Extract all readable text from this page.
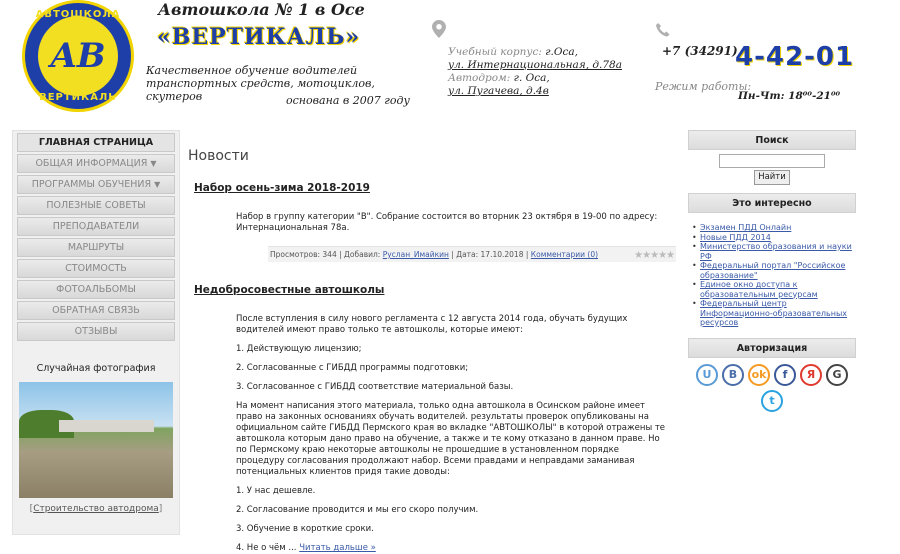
АВТОШКОЛА
AB
ВЕРТИКАЛЬ
Автошкола № 1 в Осе
«ВЕРТИКАЛЬ»
Качественное обучение водителей транспортных средств, мотоциклов, скутеров	основана в 2007 году
Учебный корпус: г.Оса,
ул. Интернациональная, д.78а
Автодром: г. Оса,
ул. Пугачева, д.4в
+7 (34291)
4-42-01
Режим работы:
Пн-Чт: 18⁰⁰-21⁰⁰
ГЛАВНАЯ СТРАНИЦА
ОБЩАЯ ИНФОРМАЦИЯ ▼
ПРОГРАММЫ ОБУЧЕНИЯ ▼
ПОЛЕЗНЫЕ СОВЕТЫ
ПРЕПОДАВАТЕЛИ
МАРШРУТЫ
СТОИМОСТЬ
ФОТОАЛЬБОМЫ
ОБРАТНАЯ СВЯЗЬ
ОТЗЫВЫ
Случайная фотография
[Строительство автодрома]
Новости
Набор осень-зима 2018-2019

Набор в группу категории "В". Собрание состоится во вторник 23 октября в 19-00 по адресу: Интернациональная 78а.

Просмотров: 344 | Добавил: Руслан_Имайкин | Дата: 17.10.2018 | Комментарии (0)	★★★★★
Недобросовестные автошколы

После вступления в силу нового регламента с 12 августа 2014 года, обучать будущих водителей имеют право только те автошколы, которые имеют:

1. Действующую лицензию;

2. Согласованные с ГИБДД программы подготовки;

3. Согласованное с ГИБДД соответствие материальной базы.

На момент написания этого материала, только одна автошкола в Осинском районе имеет право на законных основаниях обучать водителей. результаты проверок опубликованы на официальном сайте ГИБДД Пермского края во вкладке "АВТОШКОЛЫ" в которой отражены те автошкола которым дано право на обучение, а также и те кому отказано в данном праве. Но по Пермскому краю некоторые автошколы не прошедшие в установленном порядке процедуру согласования продолжают набор. Всеми правдами и неправдами заманивая потенциальных клиентов придя такие доводы:

1. У нас дешевле.

2. Согласование проводится и мы его скоро получим.

3. Обучение в короткие сроки.

4. Не о чём ... Читать дальше »

Поиск
Найти
Это интересно
• Экзамен ПДД Онлайн
• Новые ПДД 2014
• Министерство образования и науки РФ
• Федеральный портал "Российское образование"
• Единое окно доступа к образовательным ресурсам
• Федеральный центр Информационно-образовательных ресурсов
Авторизация
U	B	ok	f	Я	G
t
